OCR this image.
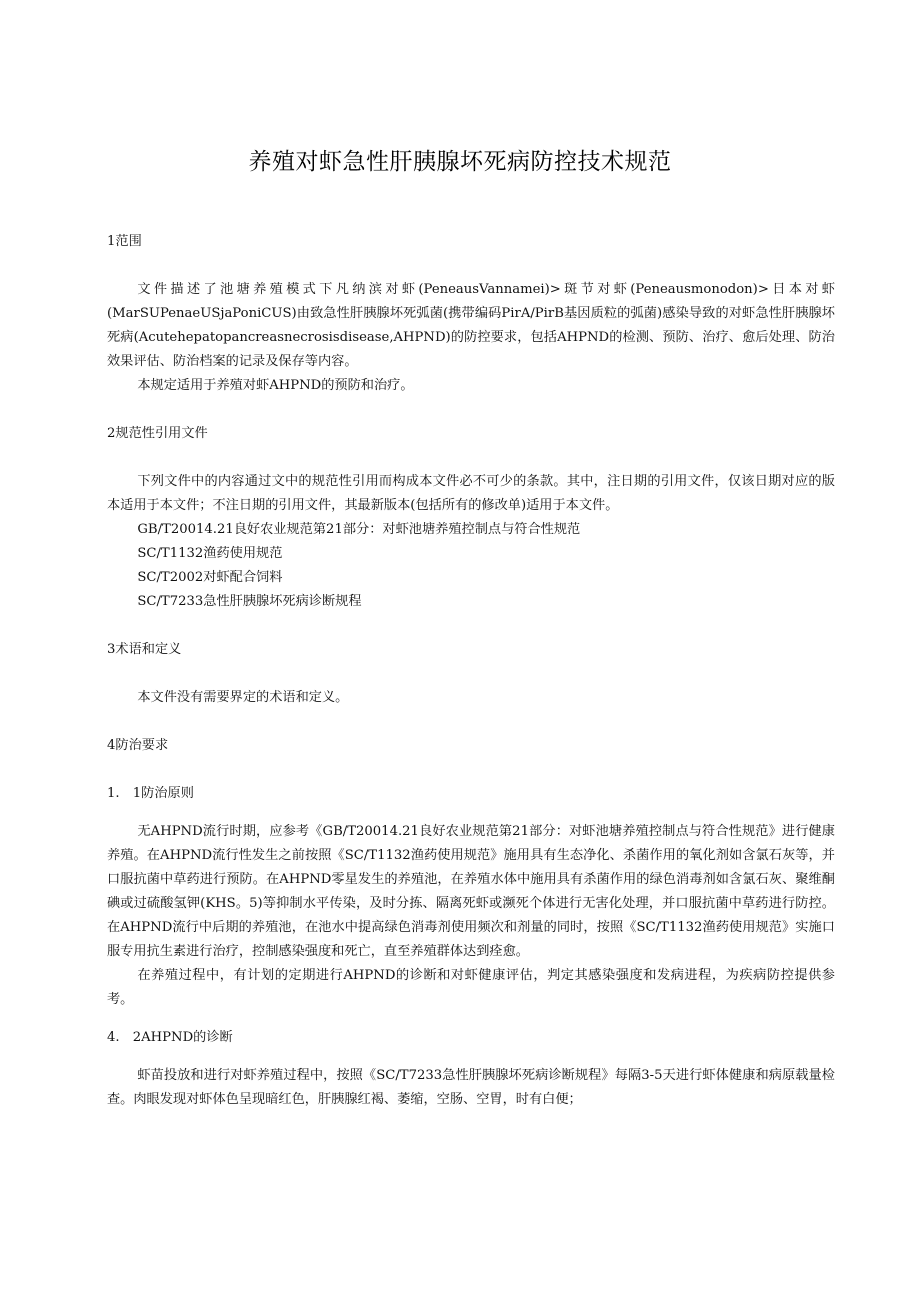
养殖对虾急性肝胰腺坏死病防控技术规范
1范围

文件描述了池塘养殖模式下凡纳滨对虾(PeneausVannamei)>斑节对虾(Peneausmonodon)>日本对虾(MarSUPenaeUSjaPoniCUS)由致急性肝胰腺坏死弧菌(携带编码PirA/PirB基因质粒的弧菌)感染导致的对虾急性肝胰腺坏死病(Acutehepatopancreasnecrosisdisease,AHPND)的防控要求，包括AHPND的检测、预防、治疗、愈后处理、防治效果评估、防治档案的记录及保存等内容。

本规定适用于养殖对虾AHPND的预防和治疗。

2规范性引用文件

下列文件中的内容通过文中的规范性引用而构成本文件必不可少的条款。其中，注日期的引用文件，仅该日期对应的版本适用于本文件；不注日期的引用文件，其最新版本(包括所有的修改单)适用于本文件。

GB/T20014.21良好农业规范第21部分：对虾池塘养殖控制点与符合性规范

SC/T1132渔药使用规范

SC/T2002对虾配合饲料

SC/T7233急性肝胰腺坏死病诊断规程

3术语和定义

本文件没有需要界定的术语和定义。

4防治要求
1.　1防治原则

无AHPND流行时期，应参考《GB/T20014.21良好农业规范第21部分：对虾池塘养殖控制点与符合性规范》进行健康养殖。在AHPND流行性发生之前按照《SC/T1132渔药使用规范》施用具有生态净化、杀菌作用的氧化剂如含氯石灰等，并口服抗菌中草药进行预防。在AHPND零星发生的养殖池，在养殖水体中施用具有杀菌作用的绿色消毒剂如含氯石灰、聚维酮碘或过硫酸氢钾(KHS。5)等抑制水平传染，及时分拣、隔离死虾或濒死个体进行无害化处理，并口服抗菌中草药进行防控。在AHPND流行中后期的养殖池，在池水中提高绿色消毒剂使用频次和剂量的同时，按照《SC/T1132渔药使用规范》实施口服专用抗生素进行治疗，控制感染强度和死亡，直至养殖群体达到痊愈。

在养殖过程中，有计划的定期进行AHPND的诊断和对虾健康评估，判定其感染强度和发病进程，为疾病防控提供参考。

4.　2AHPND的诊断

虾苗投放和进行对虾养殖过程中，按照《SC/T7233急性肝胰腺坏死病诊断规程》每隔3-5天进行虾体健康和病原载量检查。肉眼发现对虾体色呈现暗红色，肝胰腺红褐、萎缩，空肠、空胃，时有白便；
